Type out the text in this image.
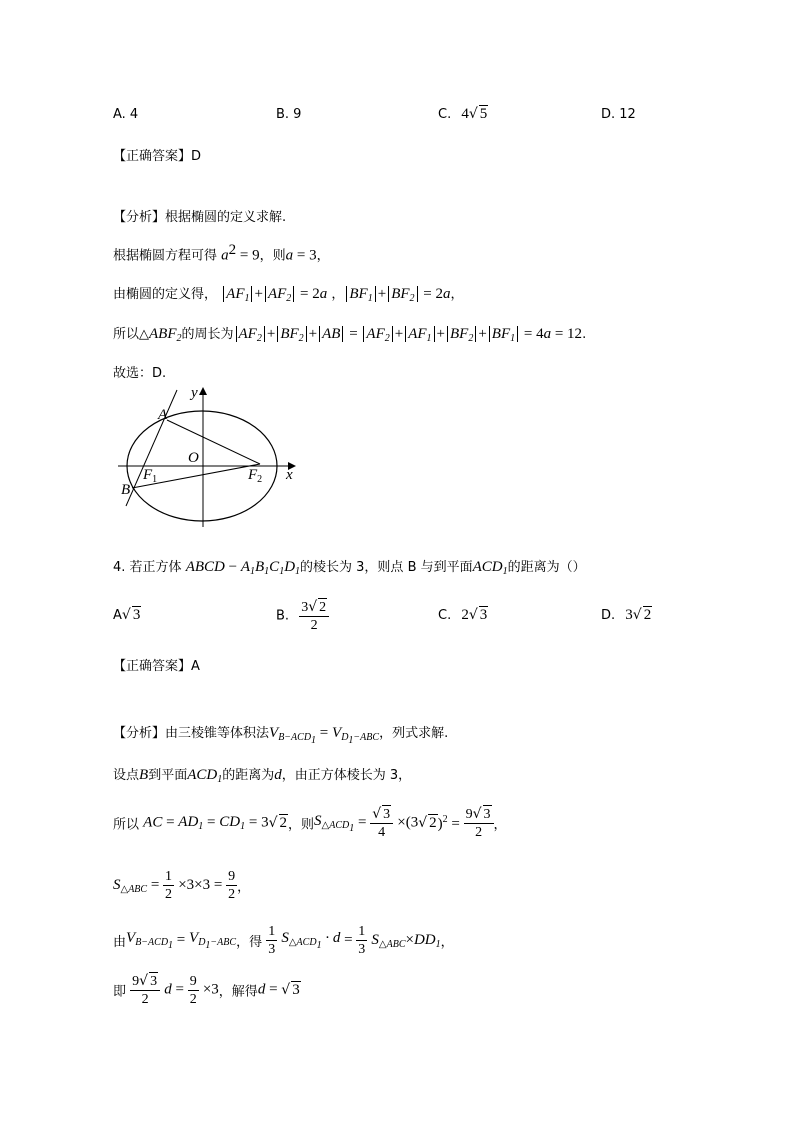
A. 4	B. 9	C. 4√ 5	D. 12
【正确答案】D
【分析】根据椭圆的定义求解.
根据椭圆方程可得 $a^2 = 9$，则a = 3，
由椭圆的定义得， $AF_1 + AF_2 = 2a$ ， $BF_1 + BF_2 = 2a$，
所以$\triangle ABF_2$的周长为 $AF_2 + BF_2$ + AB = $AF_2 + AF_1 + BF_2 + BF_1 = 4a = 12$.
故选：D.
y
x
A
B
O
$F_1$	$F_2$
4. 若正方体 ABCD − $A_1B_1C_1D_1$的棱长为 3，则点 B 与到平面$ACD_1$的距离为（）
A√ 3	B. $\frac{3√ 2}{2}$	C. 2√ 3	D. 3√ 2
【正确答案】A
【分析】由三棱锥等体积法$V_{B-ACD_1} = V_{D_1-ABC}$，列式求解.
设点B到平面$ACD_1$的距离为d，由正方体棱长为 3，
所以 AC = $AD_1 = CD_1 = 3√$ 2，则$S_{\triangle ACD_1} = \frac{√ 3}{4} \times(3√$ $2)^2 = \frac{9√ 3}{2}$ ，
$S_{\triangle ABC} = \frac{1}{2} \times 3\times 3 = \frac{9}{2}$ ，
由$V_{B-ACD_1} = V_{D_1-ABC}$，得 $\frac{1}{3} S_{\triangle ACD_1} \cdot d = \frac{1}{3} S_{\triangle ABC}\times DD_1$，
即 $\frac{9√ 3}{2}$ $d = \frac{9}{2} \times 3$，解得d = √ 3
